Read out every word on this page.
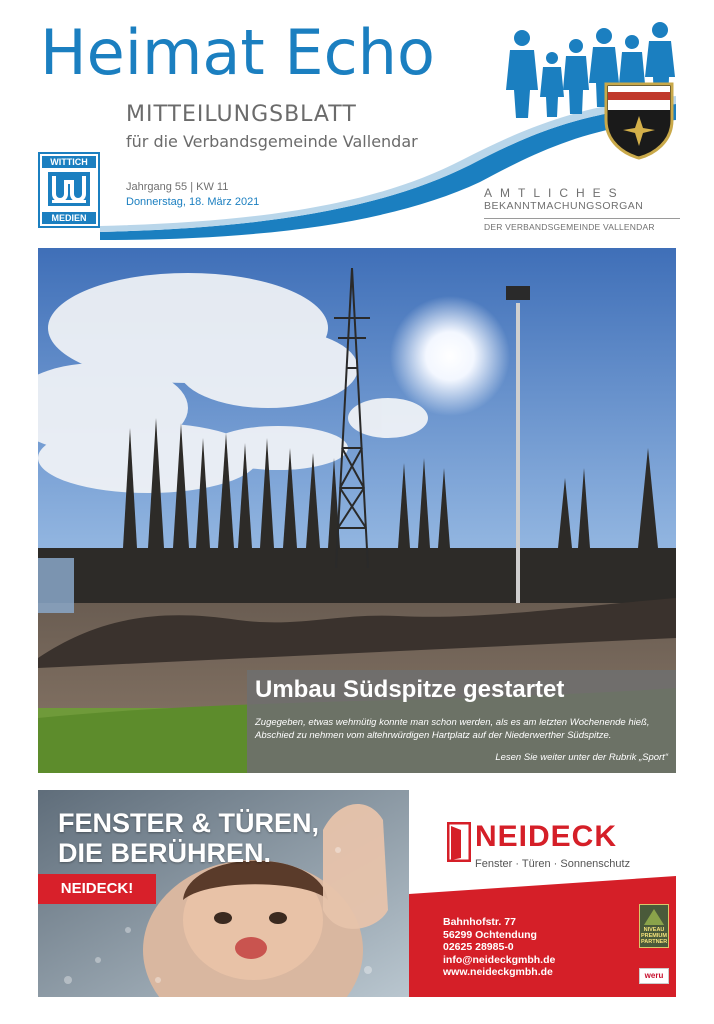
Heimat Echo
MITTEILUNGSBLATT
für die Verbandsgemeinde Vallendar
WITTICH
MEDIEN
Jahrgang 55 | KW 11
Donnerstag, 18. März 2021
AMTLICHES
BEKANNTMACHUNGSORGAN
DER VERBANDSGEMEINDE VALLENDAR
Umbau Südspitze gestartet
Zugegeben, etwas wehmütig konnte man schon werden, als es am letzten Wochenende hieß, Abschied zu nehmen vom altehrwürdigen Hartplatz auf der Niederwerther Südspitze.
Lesen Sie weiter unter der Rubrik „Sport“
FENSTER & TÜREN,
DIE BERÜHREN.
NEIDECK!
NEIDECK
Fenster · Türen · Sonnenschutz
Bahnhofstr. 77
56299 Ochtendung
02625 28985-0
info@neideckgmbh.de
www.neideckgmbh.de
NIVEAU PREMIUM PARTNER
weru
